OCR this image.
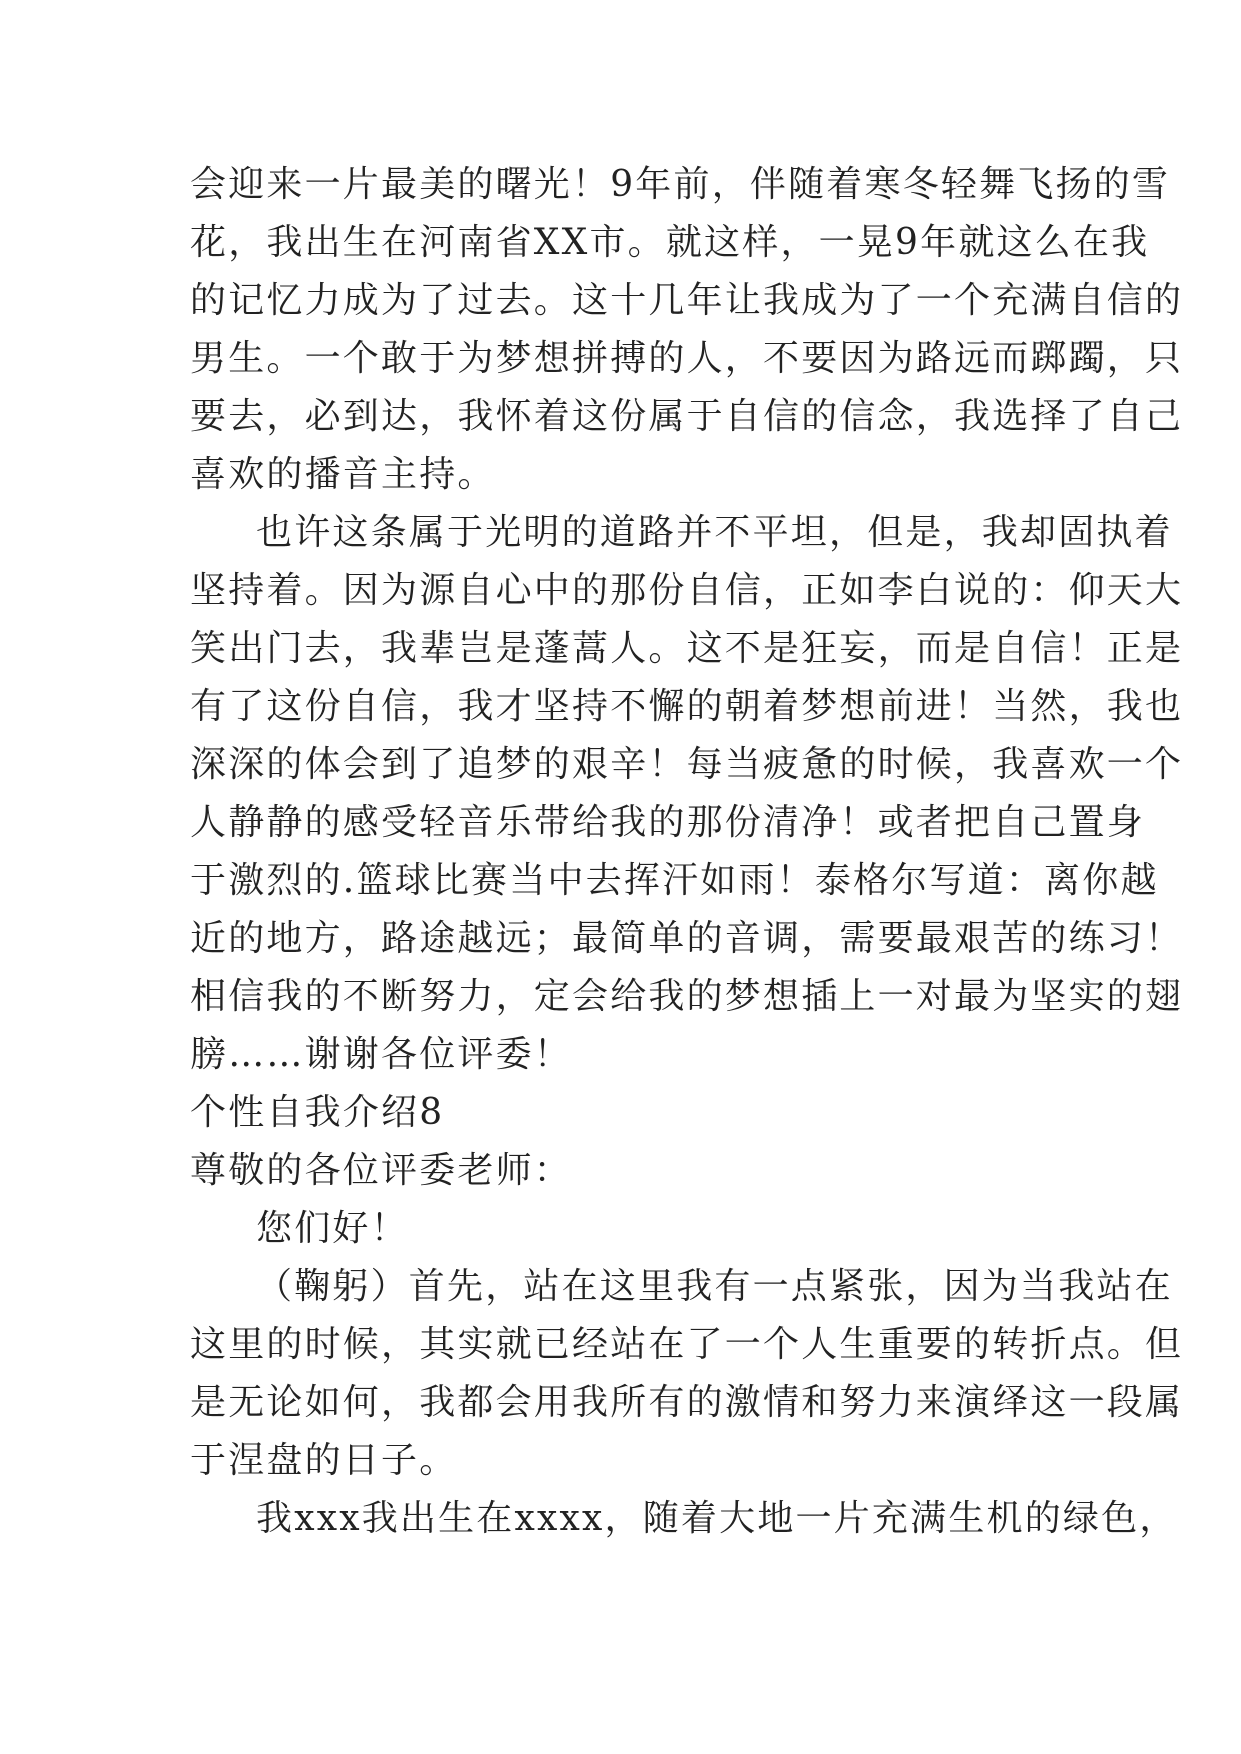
会迎来一片最美的曙光！9年前，伴随着寒冬轻舞飞扬的雪
花，我出生在河南省XX市。就这样，一晃9年就这么在我
的记忆力成为了过去。这十几年让我成为了一个充满自信的
男生。一个敢于为梦想拼搏的人，不要因为路远而踯躅，只
要去，必到达，我怀着这份属于自信的信念，我选择了自己
喜欢的播音主持。
也许这条属于光明的道路并不平坦，但是，我却固执着
坚持着。因为源自心中的那份自信，正如李白说的：仰天大
笑出门去，我辈岂是蓬蒿人。这不是狂妄，而是自信！正是
有了这份自信，我才坚持不懈的朝着梦想前进！当然，我也
深深的体会到了追梦的艰辛！每当疲惫的时候，我喜欢一个
人静静的感受轻音乐带给我的那份清净！或者把自己置身
于激烈的.篮球比赛当中去挥汗如雨！泰格尔写道：离你越
近的地方，路途越远；最简单的音调，需要最艰苦的练习！
相信我的不断努力，定会给我的梦想插上一对最为坚实的翅
膀……谢谢各位评委！
个性自我介绍8
尊敬的各位评委老师：
您们好！
（鞠躬）首先，站在这里我有一点紧张，因为当我站在
这里的时候，其实就已经站在了一个人生重要的转折点。但
是无论如何，我都会用我所有的激情和努力来演绎这一段属
于涅盘的日子。
我xxx我出生在xxxx，随着大地一片充满生机的绿色，
